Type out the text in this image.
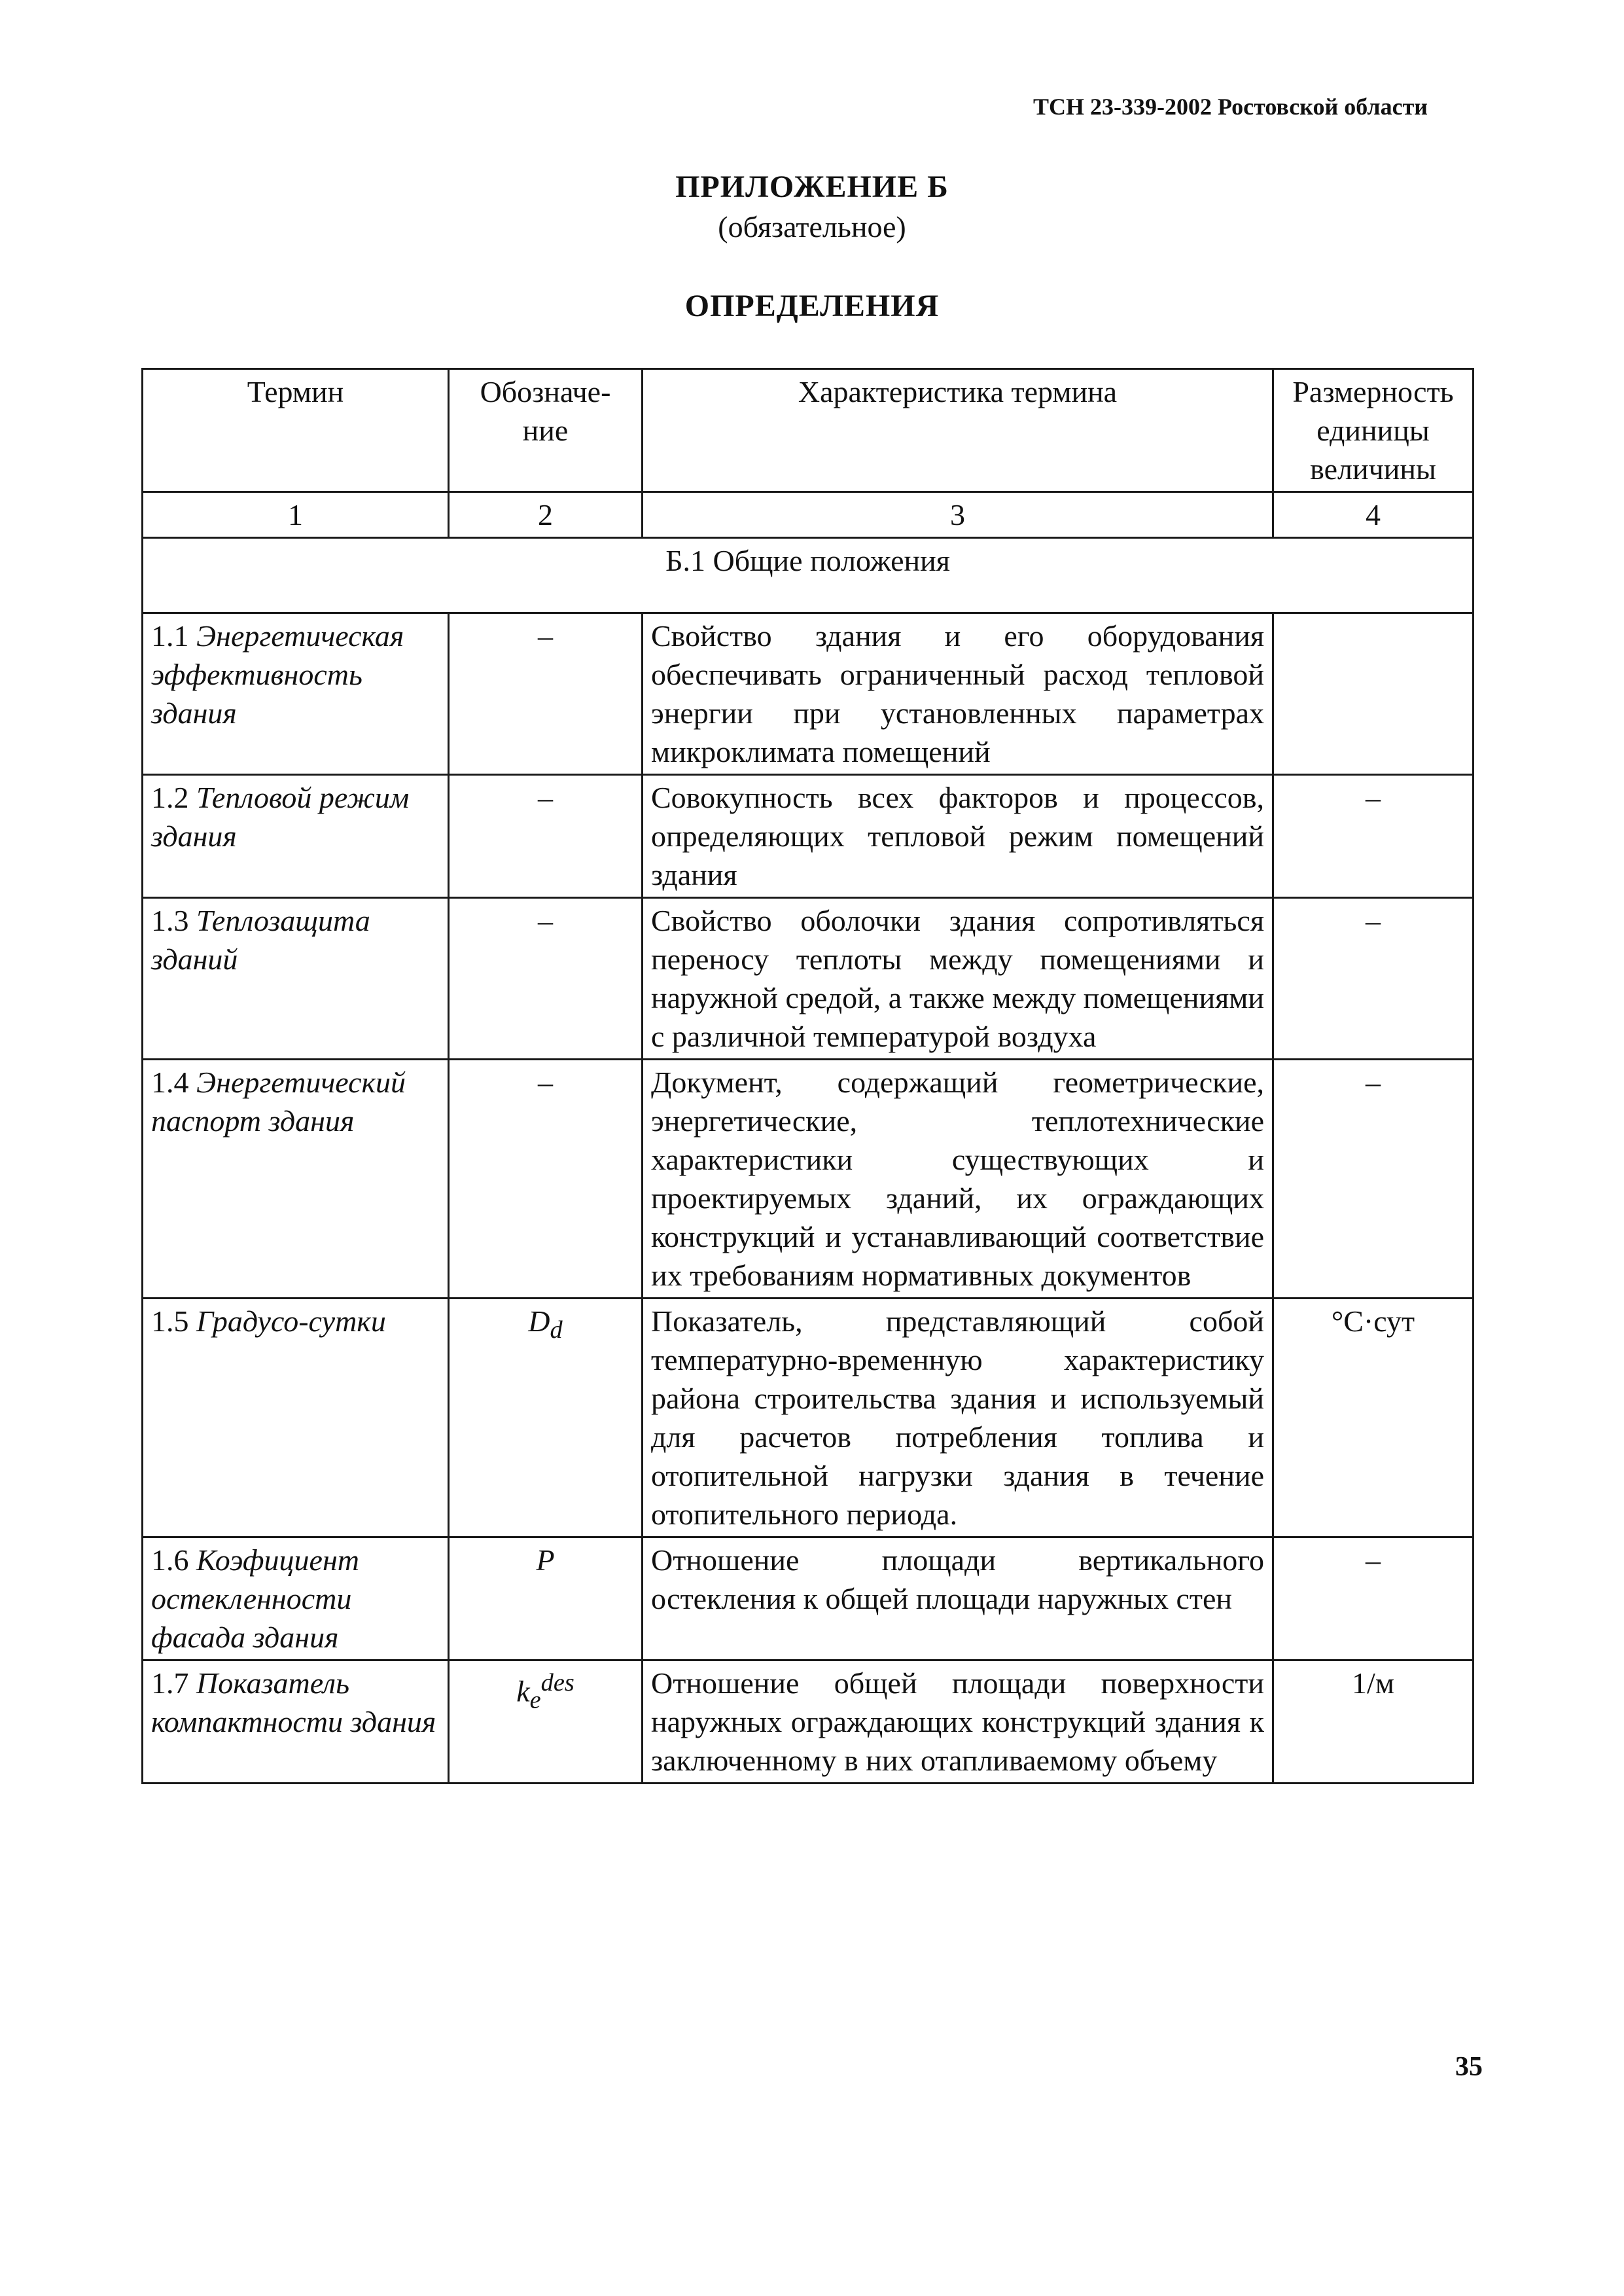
ТСН 23-339-2002 Ростовской области
ПРИЛОЖЕНИЕ Б
(обязательное)
ОПРЕДЕЛЕНИЯ
Термин	Обозначе-ние	Характеристика термина	Размерность единицы величины
1	2	3	4
Б.1 Общие положения			
1.1 Энергетическая эффективность здания	–	Свойство здания и его оборудования обеспечивать ограниченный расход тепловой энергии при установленных параметрах микроклимата помещений	
1.2 Тепловой режим здания	–	Совокупность всех факторов и процессов, определяющих тепловой режим помещений здания	–
1.3 Теплозащита зданий	–	Свойство оболочки здания сопротивляться переносу теплоты между помещениями и наружной средой, а также между помещениями с различной температурой воздуха	–
1.4 Энергетический паспорт здания	–	Документ, содержащий геометрические, энергетические, теплотехнические характеристики существующих и проектируемых зданий, их ограждающих конструкций и устанавливающий соответствие их требованиям нормативных документов	–
1.5 Градусо-сутки	$D_d$	Показатель, представляющий собой температурно-временную характеристику района строительства здания и используемый для расчетов потребления топлива и отопительной нагрузки здания в течение отопительного периода.	°С·сут
1.6 Коэфициент остекленности фасада здания	P	Отношение площади вертикального остекления к общей площади наружных стен	–
1.7 Показатель компактности здания	$k_e^{des}$	Отношение общей площади поверхности наружных ограждающих конструкций здания к заключенному в них отапливаемому объему	1/м
35
